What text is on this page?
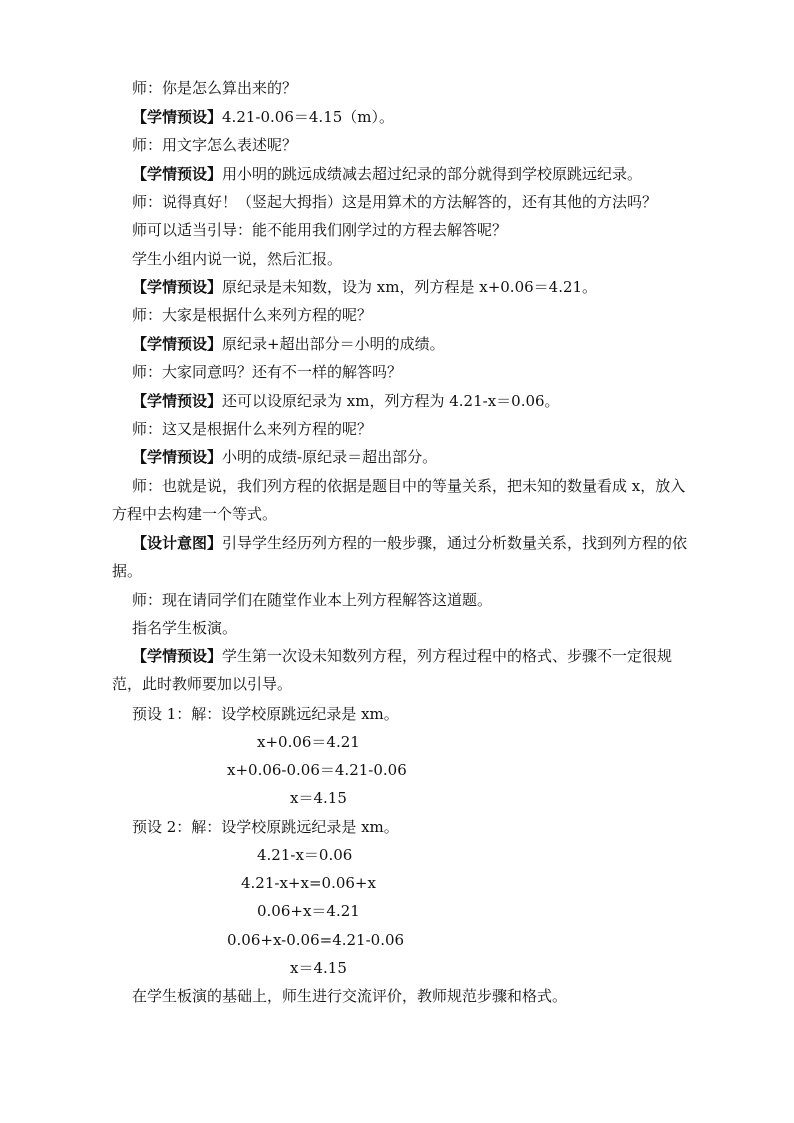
师：你是怎么算出来的？
【学情预设】4.21-0.06＝4.15（m）。
师：用文字怎么表述呢？
【学情预设】用小明的跳远成绩减去超过纪录的部分就得到学校原跳远纪录。
师：说得真好！（竖起大拇指）这是用算术的方法解答的，还有其他的方法吗？
师可以适当引导：能不能用我们刚学过的方程去解答呢？
学生小组内说一说，然后汇报。
【学情预设】原纪录是未知数，设为 xm，列方程是 x+0.06＝4.21。
师：大家是根据什么来列方程的呢？
【学情预设】原纪录+超出部分＝小明的成绩。
师：大家同意吗？还有不一样的解答吗？
【学情预设】还可以设原纪录为 xm，列方程为 4.21-x＝0.06。
师：这又是根据什么来列方程的呢？
【学情预设】小明的成绩-原纪录＝超出部分。
师：也就是说，我们列方程的依据是题目中的等量关系，把未知的数量看成 x，放入方程中去构建一个等式。
【设计意图】引导学生经历列方程的一般步骤，通过分析数量关系，找到列方程的依据。
师：现在请同学们在随堂作业本上列方程解答这道题。
指名学生板演。
【学情预设】学生第一次设未知数列方程，列方程过程中的格式、步骤不一定很规范，此时教师要加以引导。
预设 1：解：设学校原跳远纪录是 xm。
x+0.06＝4.21
x+0.06-0.06＝4.21-0.06
x＝4.15
预设 2：解：设学校原跳远纪录是 xm。
4.21-x＝0.06
4.21-x+x=0.06+x
0.06+x＝4.21
0.06+x-0.06=4.21-0.06
x＝4.15
在学生板演的基础上，师生进行交流评价，教师规范步骤和格式。
